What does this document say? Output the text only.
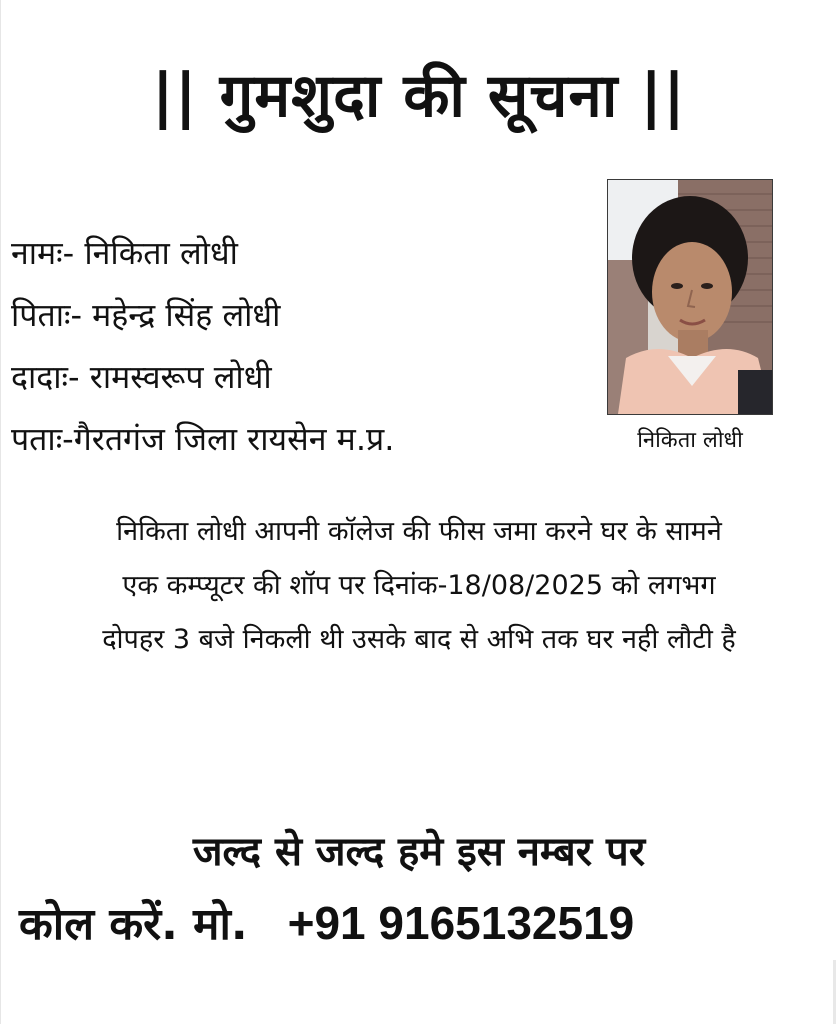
|| गुमशुदा की सूचना ||
नामः- निकिता लोधी
पिताः- महेन्द्र सिंह लोधी
दादाः- रामस्वरूप लोधी
पताः-गैरतगंज जिला रायसेन म.प्र.	निकिता लोधी
निकिता लोधी आपनी कॉलेज की फीस जमा करने घर के सामने
एक कम्प्यूटर की शॉप पर दिनांक-18/08/2025 को लगभग
दोपहर 3 बजे निकली थी उसके बाद से अभि तक घर नही लौटी है
जल्द से जल्द हमे इस नम्बर पर
कोल करें. मो. +91 9165132519
